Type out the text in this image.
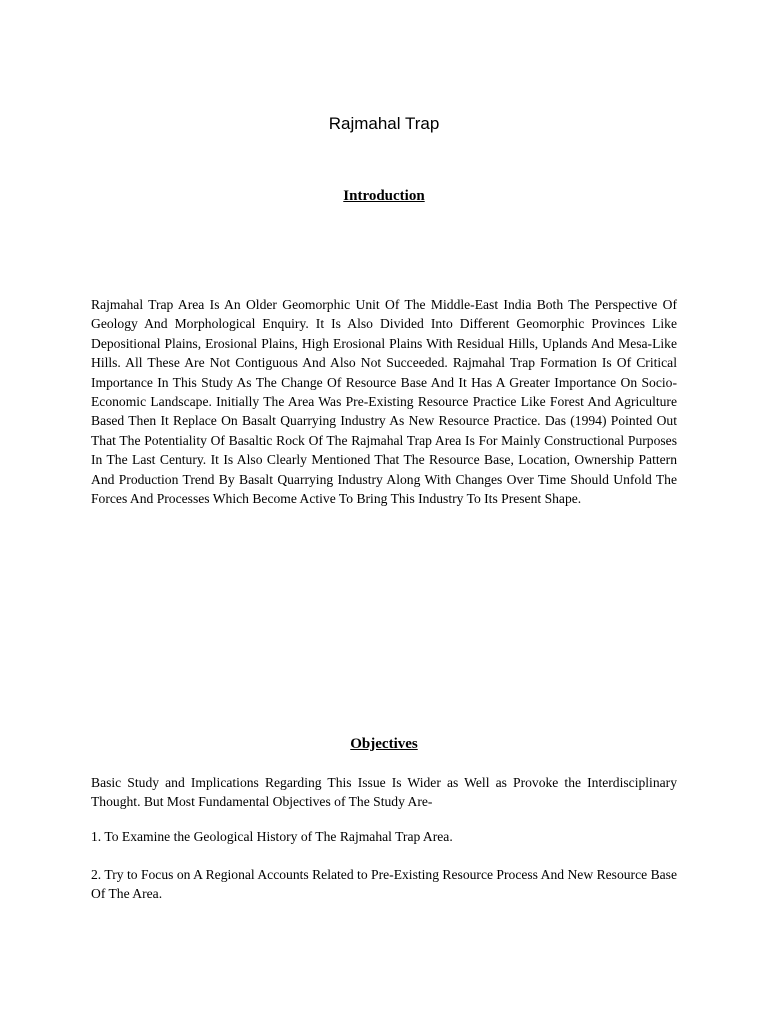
Rajmahal Trap
Introduction

Rajmahal Trap Area Is An Older Geomorphic Unit Of The Middle-East India Both The Perspective Of Geology And Morphological Enquiry. It Is Also Divided Into Different Geomorphic Provinces Like Depositional Plains, Erosional Plains, High Erosional Plains With Residual Hills, Uplands And Mesa-Like Hills. All These Are Not Contiguous And Also Not Succeeded. Rajmahal Trap Formation Is Of Critical Importance In This Study As The Change Of Resource Base And It Has A Greater Importance On Socio-Economic Landscape. Initially The Area Was Pre-Existing Resource Practice Like Forest And Agriculture Based Then It Replace On Basalt Quarrying Industry As New Resource Practice. Das (1994) Pointed Out That The Potentiality Of Basaltic Rock Of The Rajmahal Trap Area Is For Mainly Constructional Purposes In The Last Century. It Is Also Clearly Mentioned That The Resource Base, Location, Ownership Pattern And Production Trend By Basalt Quarrying Industry Along With Changes Over Time Should Unfold The Forces And Processes Which Become Active To Bring This Industry To Its Present Shape.

Objectives

Basic Study and Implications Regarding This Issue Is Wider as Well as Provoke the Interdisciplinary Thought. But Most Fundamental Objectives of The Study Are-

1. To Examine the Geological History of The Rajmahal Trap Area.

2. Try to Focus on A Regional Accounts Related to Pre-Existing Resource Process And New Resource Base Of The Area.
